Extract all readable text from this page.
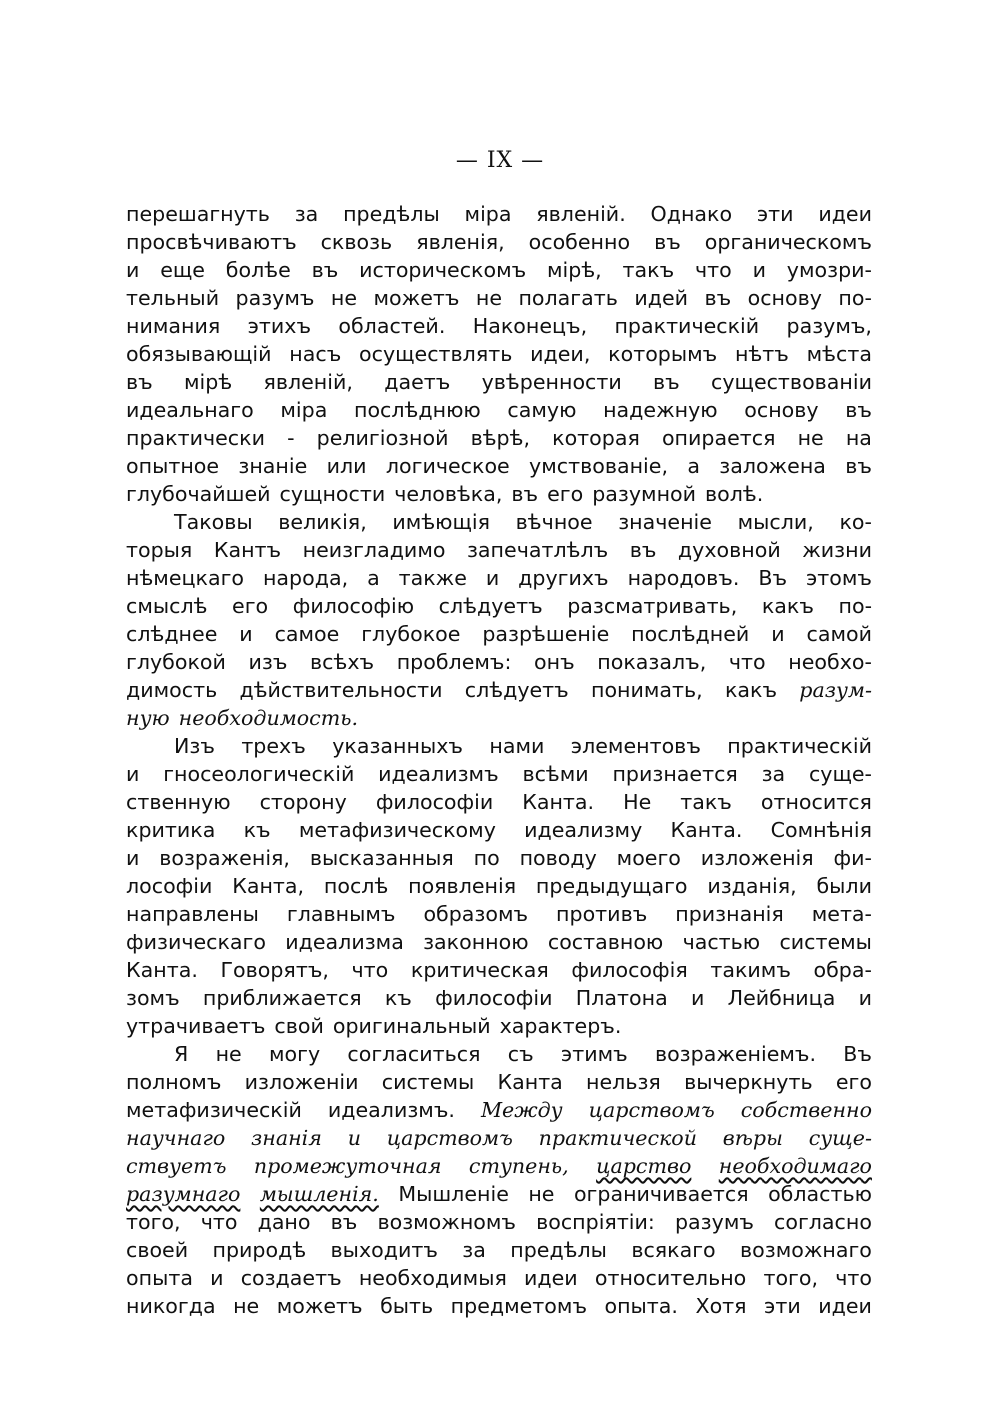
— IX —
перешагнуть за предѣлы міра явленій. Однако эти идеи
просвѣчиваютъ сквозь явленія, особенно въ органическомъ
и еще болѣе въ историческомъ мірѣ, такъ что и умозри-
тельный разумъ не можетъ не полагать идей въ основу по-
нимания этихъ областей. Наконецъ, практическій разумъ,
обязывающій насъ осуществлять идеи, которымъ нѣтъ мѣста
въ мірѣ явленій, даетъ увѣренности въ существованіи
идеальнаго міра послѣднюю самую надежную основу въ
практически - религіозной вѣрѣ, которая опирается не на
опытное знаніе или логическое умствованіе, а заложена въ
глубочайшей сущности человѣка, въ его разумной волѣ.
Таковы великія, имѣющія вѣчное значеніе мысли, ко-
торыя Кантъ неизгладимо запечатлѣлъ въ духовной жизни
нѣмецкаго народа, а также и другихъ народовъ. Въ этомъ
смыслѣ его философію слѣдуетъ разсматривать, какъ по-
слѣднее и самое глубокое разрѣшеніе послѣдней и самой
глубокой изъ всѣхъ проблемъ: онъ показалъ, что необхо-
димость дѣйствительности слѣдуетъ понимать, какъ разум-
ную необходимость.
Изъ трехъ указанныхъ нами элементовъ практическій
и гносеологическій идеализмъ всѣми признается за суще-
ственную сторону философіи Канта. Не такъ относится
критика къ метафизическому идеализму Канта. Сомнѣнія
и возраженія, высказанныя по поводу моего изложенія фи-
лософіи Канта, послѣ появленія предыдущаго изданія, были
направлены главнымъ образомъ противъ признанія мета-
физическаго идеализма законною составною частью системы
Канта. Говорятъ, что критическая философія такимъ обра-
зомъ приближается къ философіи Платона и Лейбница и
утрачиваетъ свой оригинальный характеръ.
Я не могу согласиться съ этимъ возраженіемъ. Въ
полномъ изложеніи системы Канта нельзя вычеркнуть его
метафизическій идеализмъ. Между царствомъ собственно
научнаго знанія и царствомъ практической вѣры суще-
ствуетъ промежуточная ступень, царство необходимаго
разумнаго мышленія. Мышленіе не ограничивается областью
того, что дано въ возможномъ воспріятіи: разумъ согласно
своей природѣ выходитъ за предѣлы всякаго возможнаго
опыта и создаетъ необходимыя идеи относительно того, что
никогда не можетъ быть предметомъ опыта. Хотя эти идеи
